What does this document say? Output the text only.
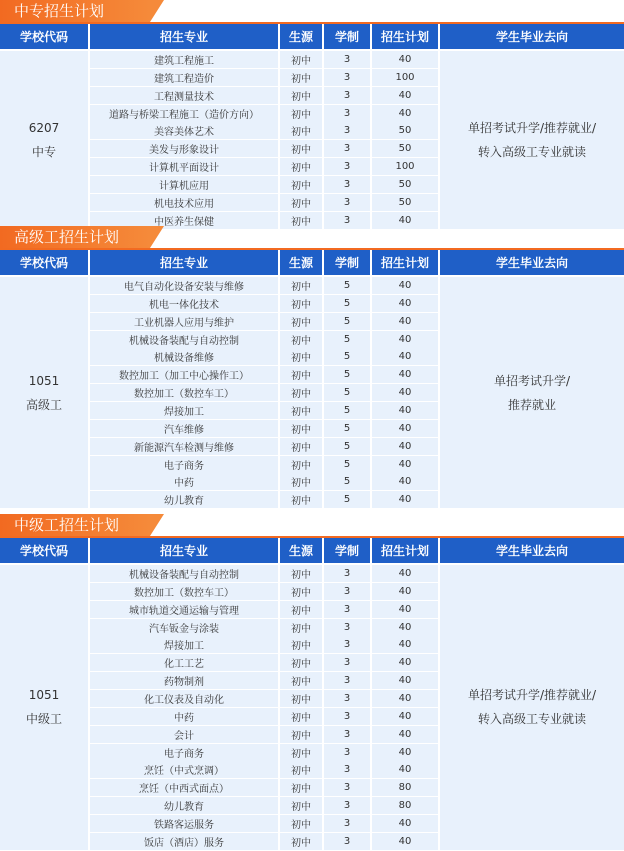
中专招生计划
学校代码	招生专业	生源	学制	招生计划	学生毕业去向
6207
中专
单招考试升学/推荐就业/
转入高级工专业就读
建筑工程施工	初中	3	40
建筑工程造价	初中	3	100
工程测量技术	初中	3	40
道路与桥梁工程施工（造价方向）	初中	3	40
美容美体艺术	初中	3	50
美发与形象设计	初中	3	50
计算机平面设计	初中	3	100
计算机应用	初中	3	50
机电技术应用	初中	3	50
中医养生保健	初中	3	40
高级工招生计划
学校代码	招生专业	生源	学制	招生计划	学生毕业去向
1051
高级工
单招考试升学/
推荐就业
电气自动化设备安装与维修	初中	5	40
机电一体化技术	初中	5	40
工业机器人应用与维护	初中	5	40
机械设备装配与自动控制	初中	5	40
机械设备维修	初中	5	40
数控加工（加工中心操作工）	初中	5	40
数控加工（数控车工）	初中	5	40
焊接加工	初中	5	40
汽车维修	初中	5	40
新能源汽车检测与维修	初中	5	40
电子商务	初中	5	40
中药	初中	5	40
幼儿教育	初中	5	40
中级工招生计划
学校代码	招生专业	生源	学制	招生计划	学生毕业去向
1051
中级工
单招考试升学/推荐就业/
转入高级工专业就读
机械设备装配与自动控制	初中	3	40
数控加工（数控车工）	初中	3	40
城市轨道交通运输与管理	初中	3	40
汽车钣金与涂装	初中	3	40
焊接加工	初中	3	40
化工工艺	初中	3	40
药物制剂	初中	3	40
化工仪表及自动化	初中	3	40
中药	初中	3	40
会计	初中	3	40
电子商务	初中	3	40
烹饪（中式烹调）	初中	3	40
烹饪（中西式面点）	初中	3	80
幼儿教育	初中	3	80
铁路客运服务	初中	3	40
饭店（酒店）服务	初中	3	40
